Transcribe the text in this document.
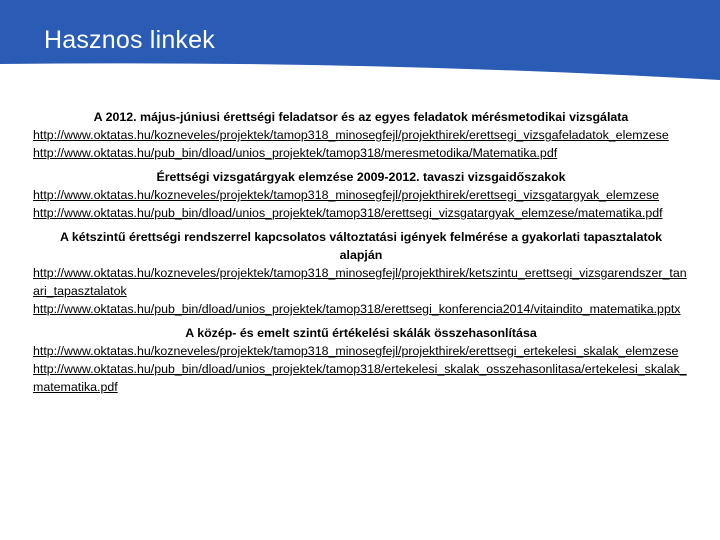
Hasznos linkek
A 2012. május-júniusi érettségi feladatsor és az egyes feladatok mérésmetodikai vizsgálata
http://www.oktatas.hu/kozneveles/projektek/tamop318_minosegfejl/projekthirek/erettsegi_vizsgafeladatok_elemzese
http://www.oktatas.hu/pub_bin/dload/unios_projektek/tamop318/meresmetodika/Matematika.pdf
Érettségi vizsgatárgyak elemzése 2009-2012. tavaszi vizsgaidőszakok
http://www.oktatas.hu/kozneveles/projektek/tamop318_minosegfejl/projekthirek/erettsegi_vizsgatargyak_elemzese
http://www.oktatas.hu/pub_bin/dload/unios_projektek/tamop318/erettsegi_vizsgatargyak_elemzese/matematika.pdf
A kétszintű érettségi rendszerrel kapcsolatos változtatási igények felmérése a gyakorlati tapasztalatok alapján
http://www.oktatas.hu/kozneveles/projektek/tamop318_minosegfejl/projekthirek/ketszintu_erettsegi_vizsgarendszer_tanari_tapasztalatok
http://www.oktatas.hu/pub_bin/dload/unios_projektek/tamop318/erettsegi_konferencia2014/vitaindito_matematika.pptx
A közép- és emelt szintű értékelési skálák összehasonlítása
http://www.oktatas.hu/kozneveles/projektek/tamop318_minosegfejl/projekthirek/erettsegi_ertekelesi_skalak_elemzese
http://www.oktatas.hu/pub_bin/dload/unios_projektek/tamop318/ertekelesi_skalak_osszehasonlitasa/ertekelesi_skalak_matematika.pdf
